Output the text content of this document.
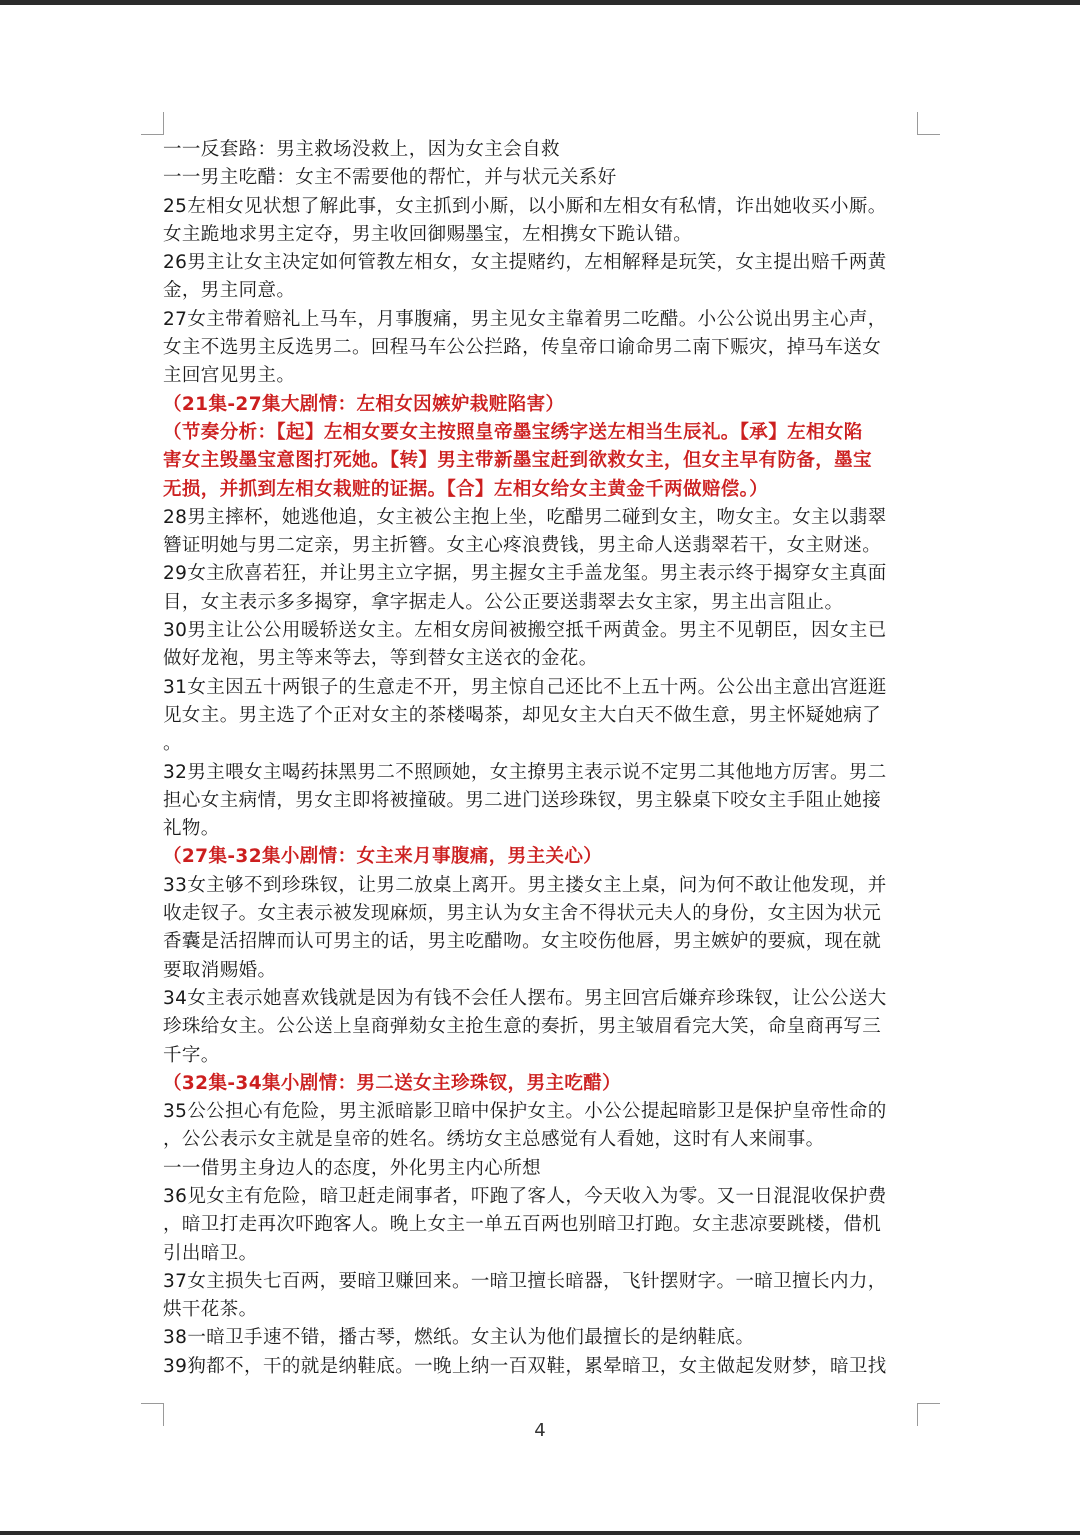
一一反套路：男主救场没救上，因为女主会自救
一一男主吃醋：女主不需要他的帮忙，并与状元关系好
25左相女见状想了解此事，女主抓到小厮，以小厮和左相女有私情，诈出她收买小厮。
女主跪地求男主定夺，男主收回御赐墨宝，左相携女下跪认错。
26男主让女主决定如何管教左相女，女主提赌约，左相解释是玩笑，女主提出赔千两黄
金，男主同意。
27女主带着赔礼上马车，月事腹痛，男主见女主靠着男二吃醋。小公公说出男主心声，
女主不选男主反选男二。回程马车公公拦路，传皇帝口谕命男二南下赈灾，掉马车送女
主回宫见男主。
（21集-27集大剧情：左相女因嫉妒栽赃陷害）
（节奏分析：【起】左相女要女主按照皇帝墨宝绣字送左相当生辰礼。【承】左相女陷
害女主毁墨宝意图打死她。【转】男主带新墨宝赶到欲救女主，但女主早有防备，墨宝
无损，并抓到左相女栽赃的证据。【合】左相女给女主黄金千两做赔偿。）
28男主摔杯，她逃他追，女主被公主抱上坐，吃醋男二碰到女主，吻女主。女主以翡翠
簪证明她与男二定亲，男主折簪。女主心疼浪费钱，男主命人送翡翠若干，女主财迷。
29女主欣喜若狂，并让男主立字据，男主握女主手盖龙玺。男主表示终于揭穿女主真面
目，女主表示多多揭穿，拿字据走人。公公正要送翡翠去女主家，男主出言阻止。
30男主让公公用暖轿送女主。左相女房间被搬空抵千两黄金。男主不见朝臣，因女主已
做好龙袍，男主等来等去，等到替女主送衣的金花。
31女主因五十两银子的生意走不开，男主惊自己还比不上五十两。公公出主意出宫逛逛
见女主。男主选了个正对女主的茶楼喝茶，却见女主大白天不做生意，男主怀疑她病了
。
32男主喂女主喝药抹黑男二不照顾她，女主撩男主表示说不定男二其他地方厉害。男二
担心女主病情，男女主即将被撞破。男二进门送珍珠钗，男主躲桌下咬女主手阻止她接
礼物。
（27集-32集小剧情：女主来月事腹痛，男主关心）
33女主够不到珍珠钗，让男二放桌上离开。男主搂女主上桌，问为何不敢让他发现，并
收走钗子。女主表示被发现麻烦，男主认为女主舍不得状元夫人的身份，女主因为状元
香囊是活招牌而认可男主的话，男主吃醋吻。女主咬伤他唇，男主嫉妒的要疯，现在就
要取消赐婚。
34女主表示她喜欢钱就是因为有钱不会任人摆布。男主回宫后嫌弃珍珠钗，让公公送大
珍珠给女主。公公送上皇商弹劾女主抢生意的奏折，男主皱眉看完大笑，命皇商再写三
千字。
（32集-34集小剧情：男二送女主珍珠钗，男主吃醋）
35公公担心有危险，男主派暗影卫暗中保护女主。小公公提起暗影卫是保护皇帝性命的
，公公表示女主就是皇帝的姓名。绣坊女主总感觉有人看她，这时有人来闹事。
一一借男主身边人的态度，外化男主内心所想
36见女主有危险，暗卫赶走闹事者，吓跑了客人，今天收入为零。又一日混混收保护费
，暗卫打走再次吓跑客人。晚上女主一单五百两也别暗卫打跑。女主悲凉要跳楼，借机
引出暗卫。
37女主损失七百两，要暗卫赚回来。一暗卫擅长暗器，飞针摆财字。一暗卫擅长内力，
烘干花茶。
38一暗卫手速不错，播古琴，燃纸。女主认为他们最擅长的是纳鞋底。
39狗都不，干的就是纳鞋底。一晚上纳一百双鞋，累晕暗卫，女主做起发财梦，暗卫找
4
